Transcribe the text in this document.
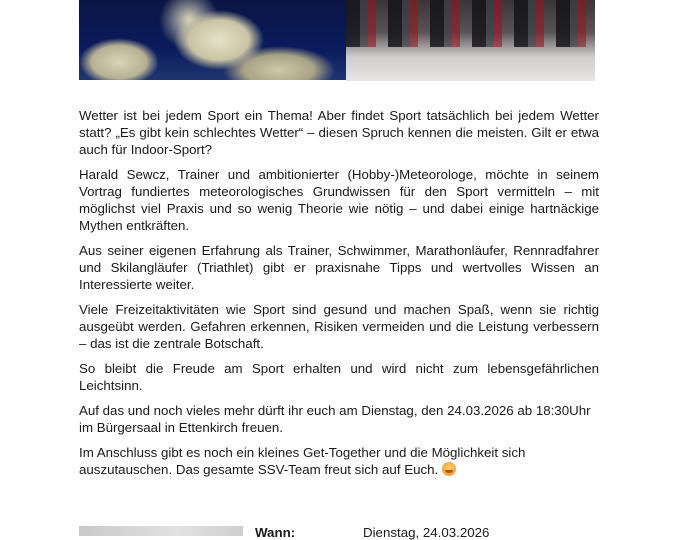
Wetter ist bei jedem Sport ein Thema! Aber findet Sport tatsächlich bei jedem Wetter statt? „Es gibt kein schlechtes Wetter“ – diesen Spruch kennen die meisten. Gilt er etwa auch für Indoor-Sport?

Harald Sewcz, Trainer und ambitionierter (Hobby-)Meteorologe, möchte in seinem Vortrag fundiertes meteorologisches Grundwissen für den Sport vermitteln – mit möglichst viel Praxis und so wenig Theorie wie nötig – und dabei einige hartnäckige Mythen entkräften.

Aus seiner eigenen Erfahrung als Trainer, Schwimmer, Marathonläufer, Rennradfahrer und Skilangläufer (Triathlet) gibt er praxisnahe Tipps und wertvolles Wissen an Interessierte weiter.

Viele Freizeitaktivitäten wie Sport sind gesund und machen Spaß, wenn sie richtig ausgeübt werden. Gefahren erkennen, Risiken vermeiden und die Leistung verbessern – das ist die zentrale Botschaft.

So bleibt die Freude am Sport erhalten und wird nicht zum lebensgefährlichen Leichtsinn.

Auf das und noch vieles mehr dürft ihr euch am Dienstag, den 24.03.2026 ab 18:30Uhr im Bürgersaal in Ettenkirch freuen.

Im Anschluss gibt es noch ein kleines Get-Together und die Möglichkeit sich auszutauschen. Das gesamte SSV-Team freut sich auf Euch.

Wann:	Dienstag, 24.03.2026
